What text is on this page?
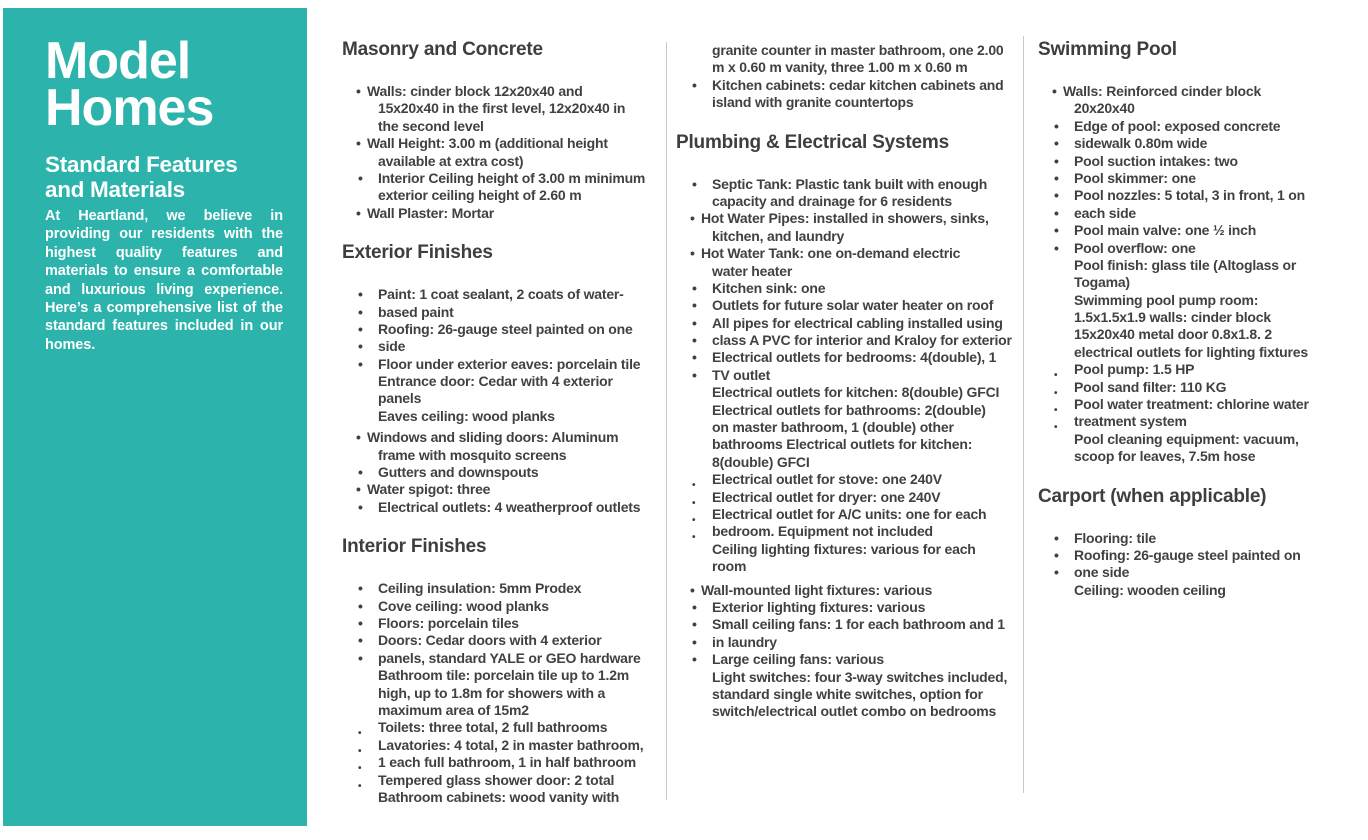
Model
Homes
Standard Features and Materials
At Heartland, we believe in providing our residents with the highest quality features and materials to ensure a comfortable and luxurious living experience. Here’s a comprehensive list of the standard features included in our homes.
Masonry and Concrete
• Walls: cinder block 12x20x40 and
15x20x40 in the first level, 12x20x40 in
the second level
• Wall Height: 3.00 m (additional height
available at extra cost)
• Interior Ceiling height of 3.00 m minimum
exterior ceiling height of 2.60 m
• Wall Plaster: Mortar
Exterior Finishes
• Paint: 1 coat sealant, 2 coats of water-
• based paint
• Roofing: 26-gauge steel painted on one
• side
• Floor under exterior eaves: porcelain tile
Entrance door: Cedar with 4 exterior
panels
Eaves ceiling: wood planks
• Windows and sliding doors: Aluminum
frame with mosquito screens
• Gutters and downspouts
• Water spigot: three
• Electrical outlets: 4 weatherproof outlets
Interior Finishes
• Ceiling insulation: 5mm Prodex
• Cove ceiling: wood planks
• Floors: porcelain tiles
• Doors: Cedar doors with 4 exterior
• panels, standard YALE or GEO hardware
Bathroom tile: porcelain tile up to 1.2m
high, up to 1.8m for showers with a
maximum area of 15m2
• Toilets: three total, 2 full bathrooms
• Lavatories: 4 total, 2 in master bathroom,
• 1 each full bathroom, 1 in half bathroom
• Tempered glass shower door: 2 total
Bathroom cabinets: wood vanity with
granite counter in master bathroom, one 2.00
m x 0.60 m vanity, three 1.00 m x 0.60 m
• Kitchen cabinets: cedar kitchen cabinets and
island with granite countertops
Plumbing & Electrical Systems
• Septic Tank: Plastic tank built with enough
capacity and drainage for 6 residents
• Hot Water Pipes: installed in showers, sinks,
kitchen, and laundry
• Hot Water Tank: one on-demand electric
water heater
• Kitchen sink: one
• Outlets for future solar water heater on roof
• All pipes for electrical cabling installed using
• class A PVC for interior and Kraloy for exterior
• Electrical outlets for bedrooms: 4(double), 1
• TV outlet
Electrical outlets for kitchen: 8(double) GFCI
Electrical outlets for bathrooms: 2(double)
on master bathroom, 1 (double) other
bathrooms Electrical outlets for kitchen:
8(double) GFCI
• Electrical outlet for stove: one 240V
• Electrical outlet for dryer: one 240V
• Electrical outlet for A/C units: one for each
• bedroom. Equipment not included
Ceiling lighting fixtures: various for each
room
• Wall-mounted light fixtures: various
• Exterior lighting fixtures: various
• Small ceiling fans: 1 for each bathroom and 1
• in laundry
• Large ceiling fans: various
Light switches: four 3-way switches included,
standard single white switches, option for
switch/electrical outlet combo on bedrooms
Swimming Pool
• Walls: Reinforced cinder block
20x20x40
• Edge of pool: exposed concrete
• sidewalk 0.80m wide
• Pool suction intakes: two
• Pool skimmer: one
• Pool nozzles: 5 total, 3 in front, 1 on
• each side
• Pool main valve: one ½ inch
• Pool overflow: one
Pool finish: glass tile (Altoglass or
Togama)
Swimming pool pump room:
1.5x1.5x1.9 walls: cinder block
15x20x40 metal door 0.8x1.8. 2
electrical outlets for lighting fixtures
• Pool pump: 1.5 HP
• Pool sand filter: 110 KG
• Pool water treatment: chlorine water
• treatment system
Pool cleaning equipment: vacuum,
scoop for leaves, 7.5m hose
Carport (when applicable)
• Flooring: tile
• Roofing: 26-gauge steel painted on
• one side
Ceiling: wooden ceiling
